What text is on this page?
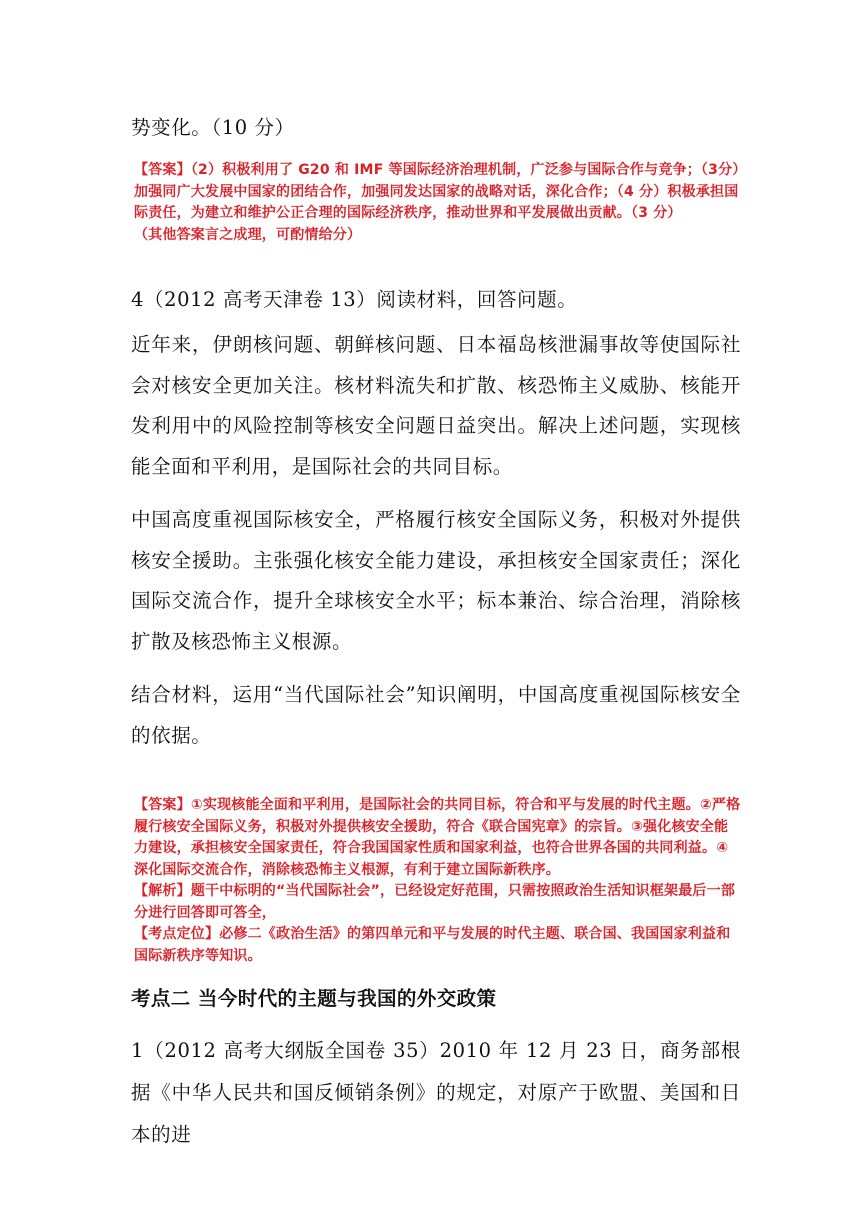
势变化。（10 分）

【答案】（2）积极利用了 G20 和 IMF 等国际经济治理机制，广泛参与国际合作与竞争；（3分）加强同广大发展中国家的团结合作，加强同发达国家的战略对话，深化合作；（4 分）积极承担国际责任，为建立和维护公正合理的国际经济秩序，推动世界和平发展做出贡献。（3 分）
（其他答案言之成理，可酌情给分）

4（2012 高考天津卷 13）阅读材料，回答问题。

近年来，伊朗核问题、朝鲜核问题、日本福岛核泄漏事故等使国际社会对核安全更加关注。核材料流失和扩散、核恐怖主义威胁、核能开发利用中的风险控制等核安全问题日益突出。解决上述问题，实现核能全面和平利用，是国际社会的共同目标。

中国高度重视国际核安全，严格履行核安全国际义务，积极对外提供核安全援助。主张强化核安全能力建设，承担核安全国家责任；深化国际交流合作，提升全球核安全水平；标本兼治、综合治理，消除核扩散及核恐怖主义根源。

结合材料，运用“当代国际社会”知识阐明，中国高度重视国际核安全的依据。

【答案】①实现核能全面和平利用，是国际社会的共同目标，符合和平与发展的时代主题。②严格履行核安全国际义务，积极对外提供核安全援助，符合《联合国宪章》的宗旨。③强化核安全能力建设，承担核安全国家责任，符合我国国家性质和国家利益，也符合世界各国的共同利益。④深化国际交流合作，消除核恐怖主义根源，有利于建立国际新秩序。
【解析】题干中标明的“当代国际社会”，已经设定好范围，只需按照政治生活知识框架最后一部分进行回答即可答全，
【考点定位】必修二《政治生活》的第四单元和平与发展的时代主题、联合国、我国国家利益和国际新秩序等知识。
考点二 当今时代的主题与我国的外交政策

1（2012 高考大纲版全国卷 35）2010 年 12 月 23 日，商务部根据《中华人民共和国反倾销条例》的规定，对原产于欧盟、美国和日本的进
